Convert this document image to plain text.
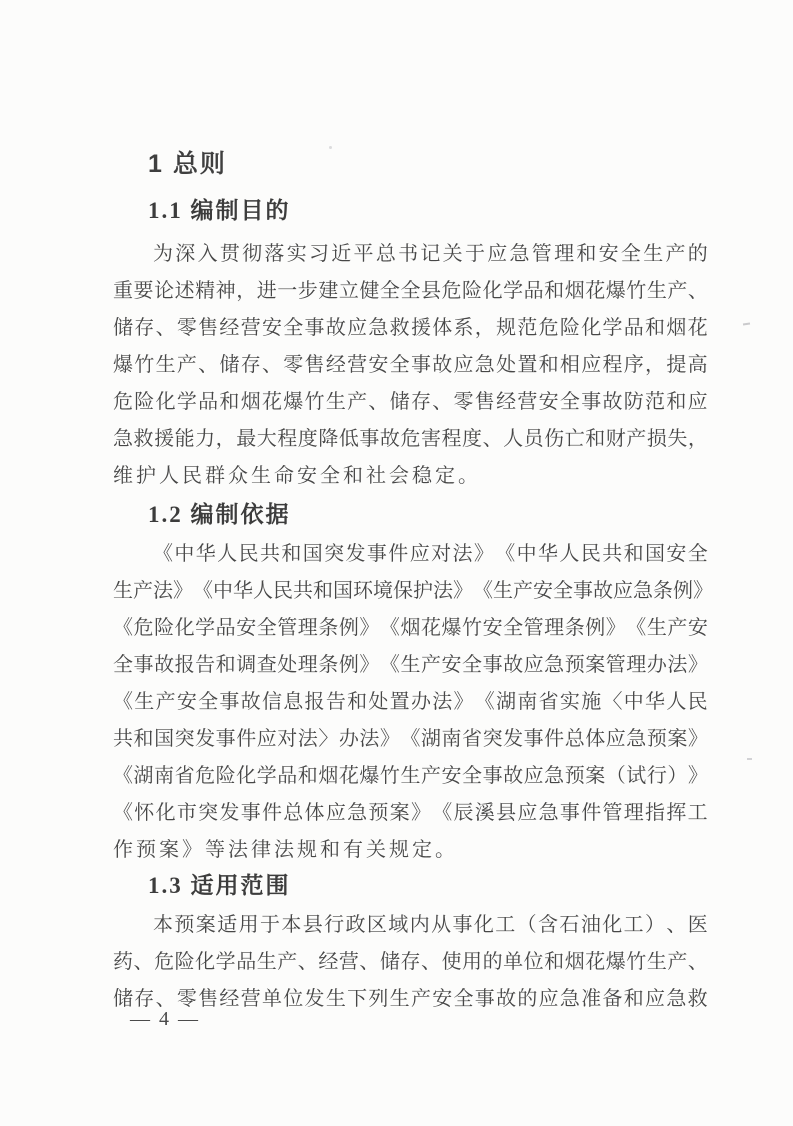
1 总则
1.1 编制目的
为 深 入 贯 彻 落 实 习 近 平 总 书 记 关 于 应 急 管 理 和 安 全 生 产 的
重 要 论 述 精 神 ， 进 一 步 建 立 健 全 全 县 危 险 化 学 品 和 烟 花 爆 竹 生 产 、
储 存 、 零 售 经 营 安 全 事 故 应 急 救 援 体 系 ， 规 范 危 险 化 学 品 和 烟 花
爆 竹 生 产 、 储 存 、 零 售 经 营 安 全 事 故 应 急 处 置 和 相 应 程 序 ， 提 高
危 险 化 学 品 和 烟 花 爆 竹 生 产 、 储 存 、 零 售 经 营 安 全 事 故 防 范 和 应
急 救 援 能 力 ， 最 大 程 度 降 低 事 故 危 害 程 度 、 人 员 伤 亡 和 财 产 损 失 ，
维 护 人 民 群 众 生 命 安 全 和 社 会 稳 定 。
1.2 编制依据
《 中 华 人 民 共 和 国 突 发 事 件 应 对 法 》 《 中 华 人 民 共 和 国 安 全
生 产 法 》 《 中 华 人 民 共 和 国 环 境 保 护 法 》 《 生 产 安 全 事 故 应 急 条 例 》
《 危 险 化 学 品 安 全 管 理 条 例 》 《 烟 花 爆 竹 安 全 管 理 条 例 》 《 生 产 安
全 事 故 报 告 和 调 查 处 理 条 例 》 《 生 产 安 全 事 故 应 急 预 案 管 理 办 法 》
《 生 产 安 全 事 故 信 息 报 告 和 处 置 办 法 》 《 湖 南 省 实 施 〈 中 华 人 民
共 和 国 突 发 事 件 应 对 法 〉 办 法 》 《 湖 南 省 突 发 事 件 总 体 应 急 预 案 》
《 湖 南 省 危 险 化 学 品 和 烟 花 爆 竹 生 产 安 全 事 故 应 急 预 案 （ 试 行 ） 》
《 怀 化 市 突 发 事 件 总 体 应 急 预 案 》 《 辰 溪 县 应 急 事 件 管 理 指 挥 工
作 预 案 》 等 法 律 法 规 和 有 关 规 定 。
1.3 适用范围
本 预 案 适 用 于 本 县 行 政 区 域 内 从 事 化 工 （ 含 石 油 化 工 ） 、 医
药 、 危 险 化 学 品 生 产 、 经 营 、 储 存 、 使 用 的 单 位 和 烟 花 爆 竹 生 产 、
储 存 、 零 售 经 营 单 位 发 生 下 列 生 产 安 全 事 故 的 应 急 准 备 和 应 急 救
— 4 —
